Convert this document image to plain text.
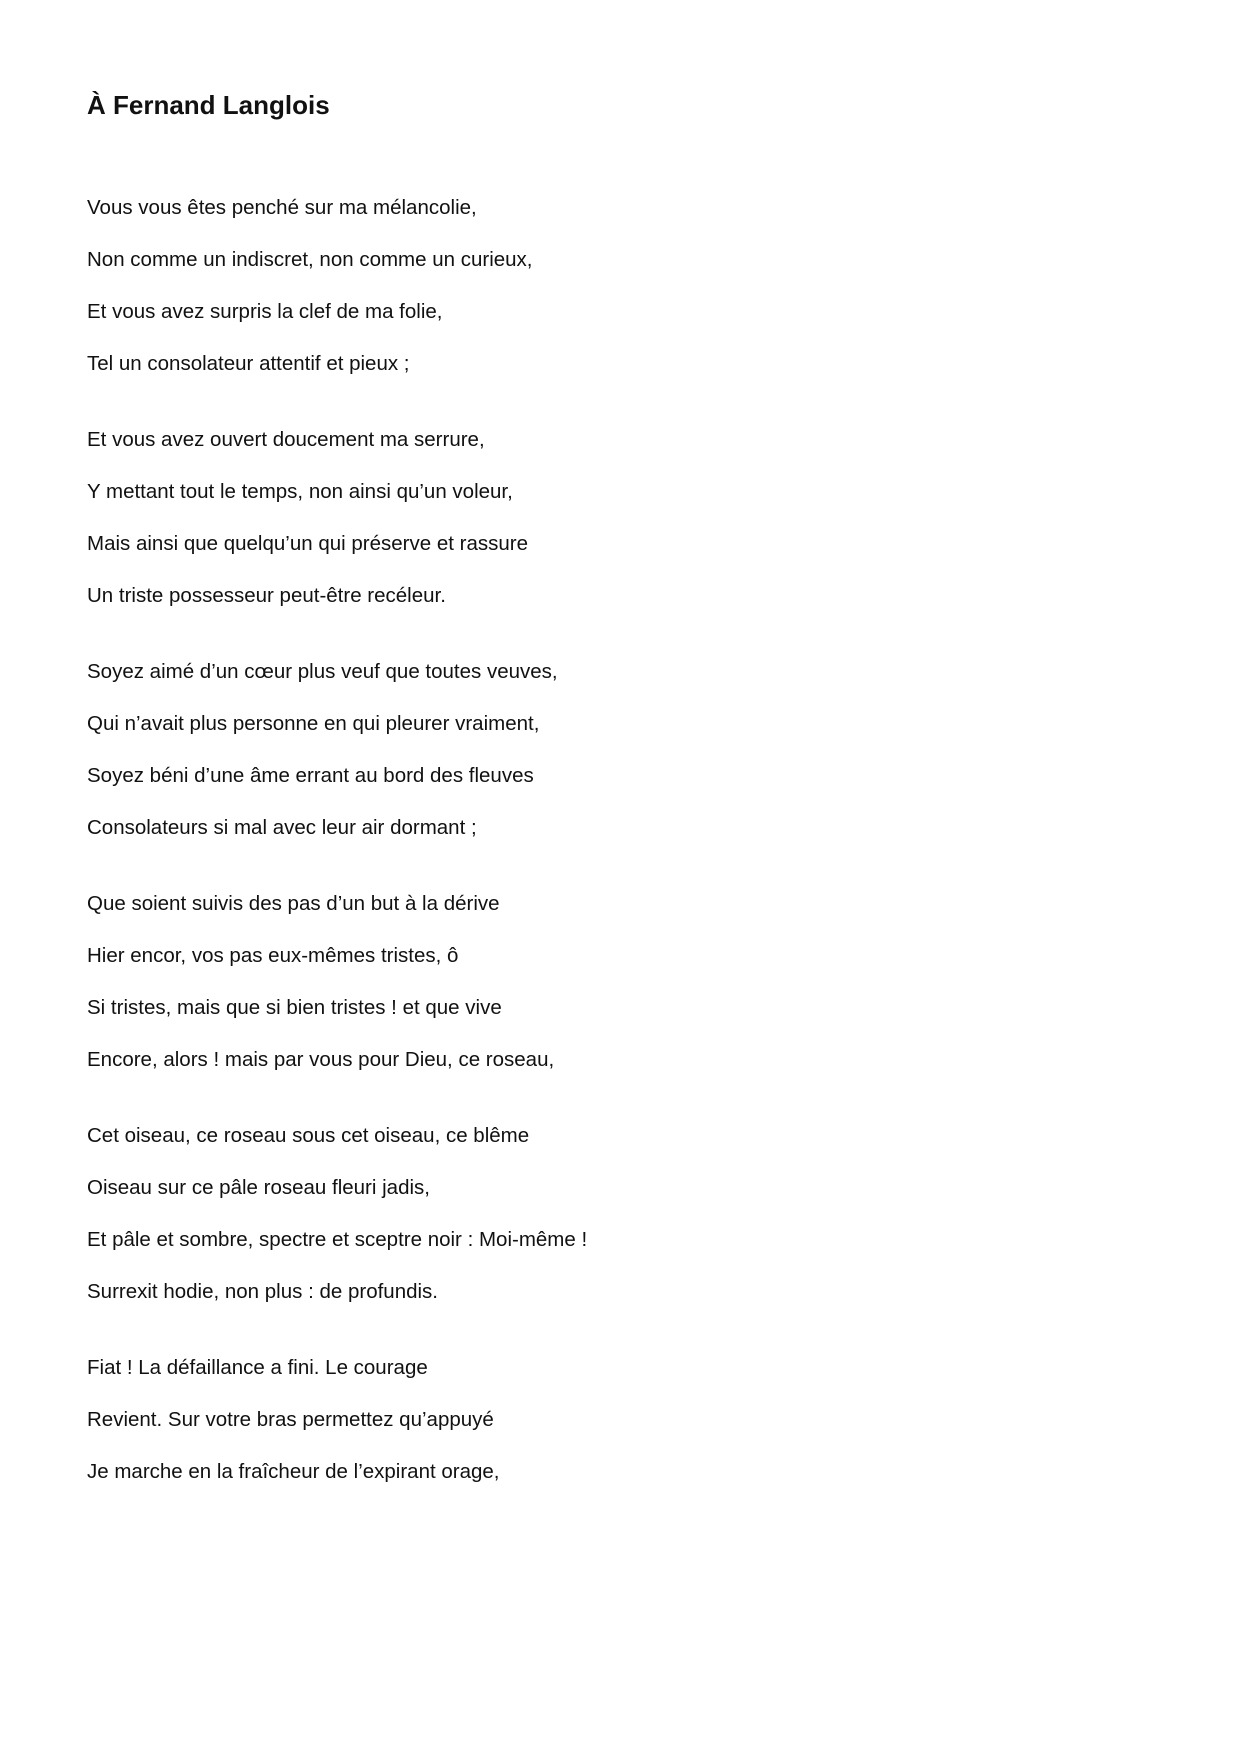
À Fernand Langlois
Vous vous êtes penché sur ma mélancolie,
Non comme un indiscret, non comme un curieux,
Et vous avez surpris la clef de ma folie,
Tel un consolateur attentif et pieux ;
Et vous avez ouvert doucement ma serrure,
Y mettant tout le temps, non ainsi qu’un voleur,
Mais ainsi que quelqu’un qui préserve et rassure
Un triste possesseur peut-être recéleur.
Soyez aimé d’un cœur plus veuf que toutes veuves,
Qui n’avait plus personne en qui pleurer vraiment,
Soyez béni d’une âme errant au bord des fleuves
Consolateurs si mal avec leur air dormant ;
Que soient suivis des pas d’un but à la dérive
Hier encor, vos pas eux-mêmes tristes, ô
Si tristes, mais que si bien tristes ! et que vive
Encore, alors ! mais par vous pour Dieu, ce roseau,
Cet oiseau, ce roseau sous cet oiseau, ce blême
Oiseau sur ce pâle roseau fleuri jadis,
Et pâle et sombre, spectre et sceptre noir : Moi-même !
Surrexit hodie, non plus : de profundis.
Fiat ! La défaillance a fini. Le courage
Revient. Sur votre bras permettez qu’appuyé
Je marche en la fraîcheur de l’expirant orage,
